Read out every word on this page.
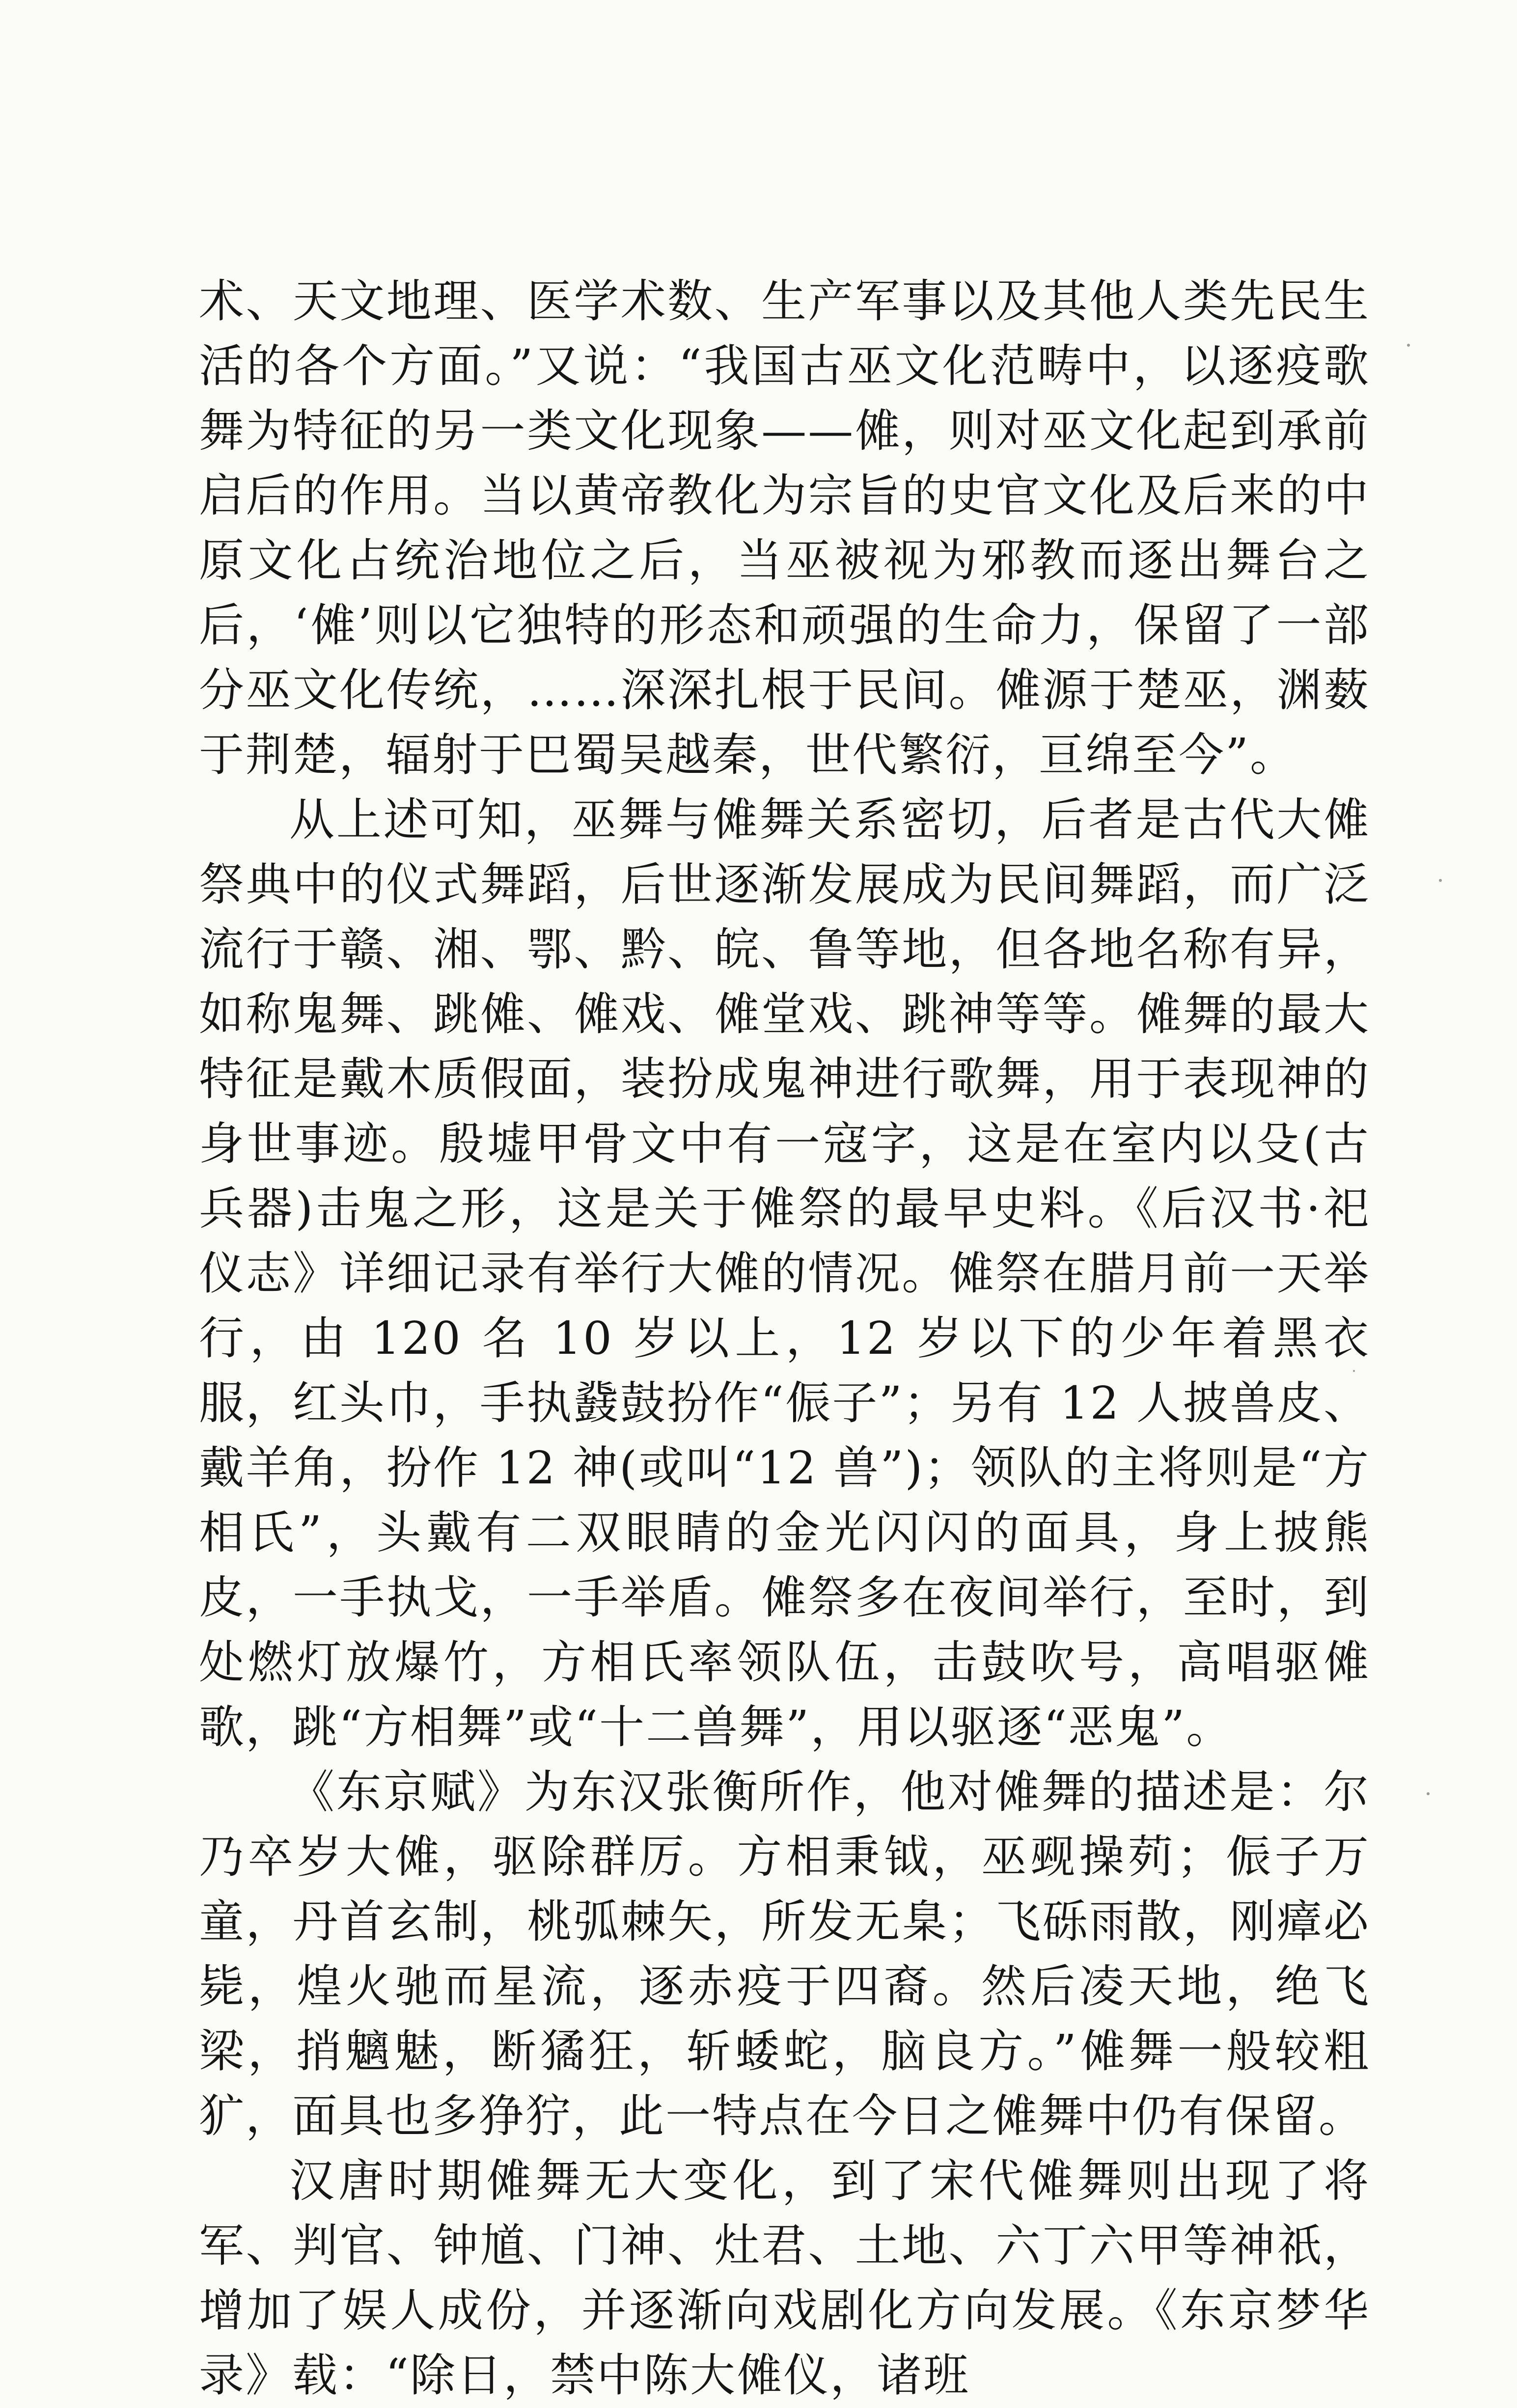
术、天文地理、医学术数、生产军事以及其他人类先民生活的各个方面。”又说：“我国古巫文化范畴中，以逐疫歌舞为特征的另一类文化现象——傩，则对巫文化起到承前启后的作用。当以黄帝教化为宗旨的史官文化及后来的中原文化占统治地位之后，当巫被视为邪教而逐出舞台之后，‘傩’则以它独特的形态和顽强的生命力，保留了一部分巫文化传统，……深深扎根于民间。傩源于楚巫，渊薮于荆楚，辐射于巴蜀吴越秦，世代繁衍，亘绵至今”。

从上述可知，巫舞与傩舞关系密切，后者是古代大傩祭典中的仪式舞蹈，后世逐渐发展成为民间舞蹈，而广泛流行于赣、湘、鄂、黔、皖、鲁等地，但各地名称有异，如称鬼舞、跳傩、傩戏、傩堂戏、跳神等等。傩舞的最大特征是戴木质假面，装扮成鬼神进行歌舞，用于表现神的身世事迹。殷墟甲骨文中有一寇字，这是在室内以殳(古兵器)击鬼之形，这是关于傩祭的最早史料。《后汉书·祀仪志》详细记录有举行大傩的情况。傩祭在腊月前一天举行，由 120 名 10 岁以上，12 岁以下的少年着黑衣服，红头巾，手执鼗鼓扮作“侲子”；另有 12 人披兽皮、戴羊角，扮作 12 神(或叫“12 兽”)；领队的主将则是“方相氏”，头戴有二双眼睛的金光闪闪的面具，身上披熊皮，一手执戈，一手举盾。傩祭多在夜间举行，至时，到处燃灯放爆竹，方相氏率领队伍，击鼓吹号，高唱驱傩歌，跳“方相舞”或“十二兽舞”，用以驱逐“恶鬼”。

《东京赋》为东汉张衡所作，他对傩舞的描述是：尔乃卒岁大傩，驱除群厉。方相秉钺，巫觋操茢；侲子万童，丹首玄制，桃弧棘矢，所发无臬；飞砾雨散，刚瘴必毙，煌火驰而星流，逐赤疫于四裔。然后凌天地，绝飞梁，捎魑魅，断獝狂，斩蜲蛇，脑良方。”傩舞一般较粗犷，面具也多狰狞，此一特点在今日之傩舞中仍有保留。

汉唐时期傩舞无大变化，到了宋代傩舞则出现了将军、判官、钟馗、门神、灶君、土地、六丁六甲等神祇，增加了娱人成份，并逐渐向戏剧化方向发展。《东京梦华录》载：“除日，禁中陈大傩仪，诸班
